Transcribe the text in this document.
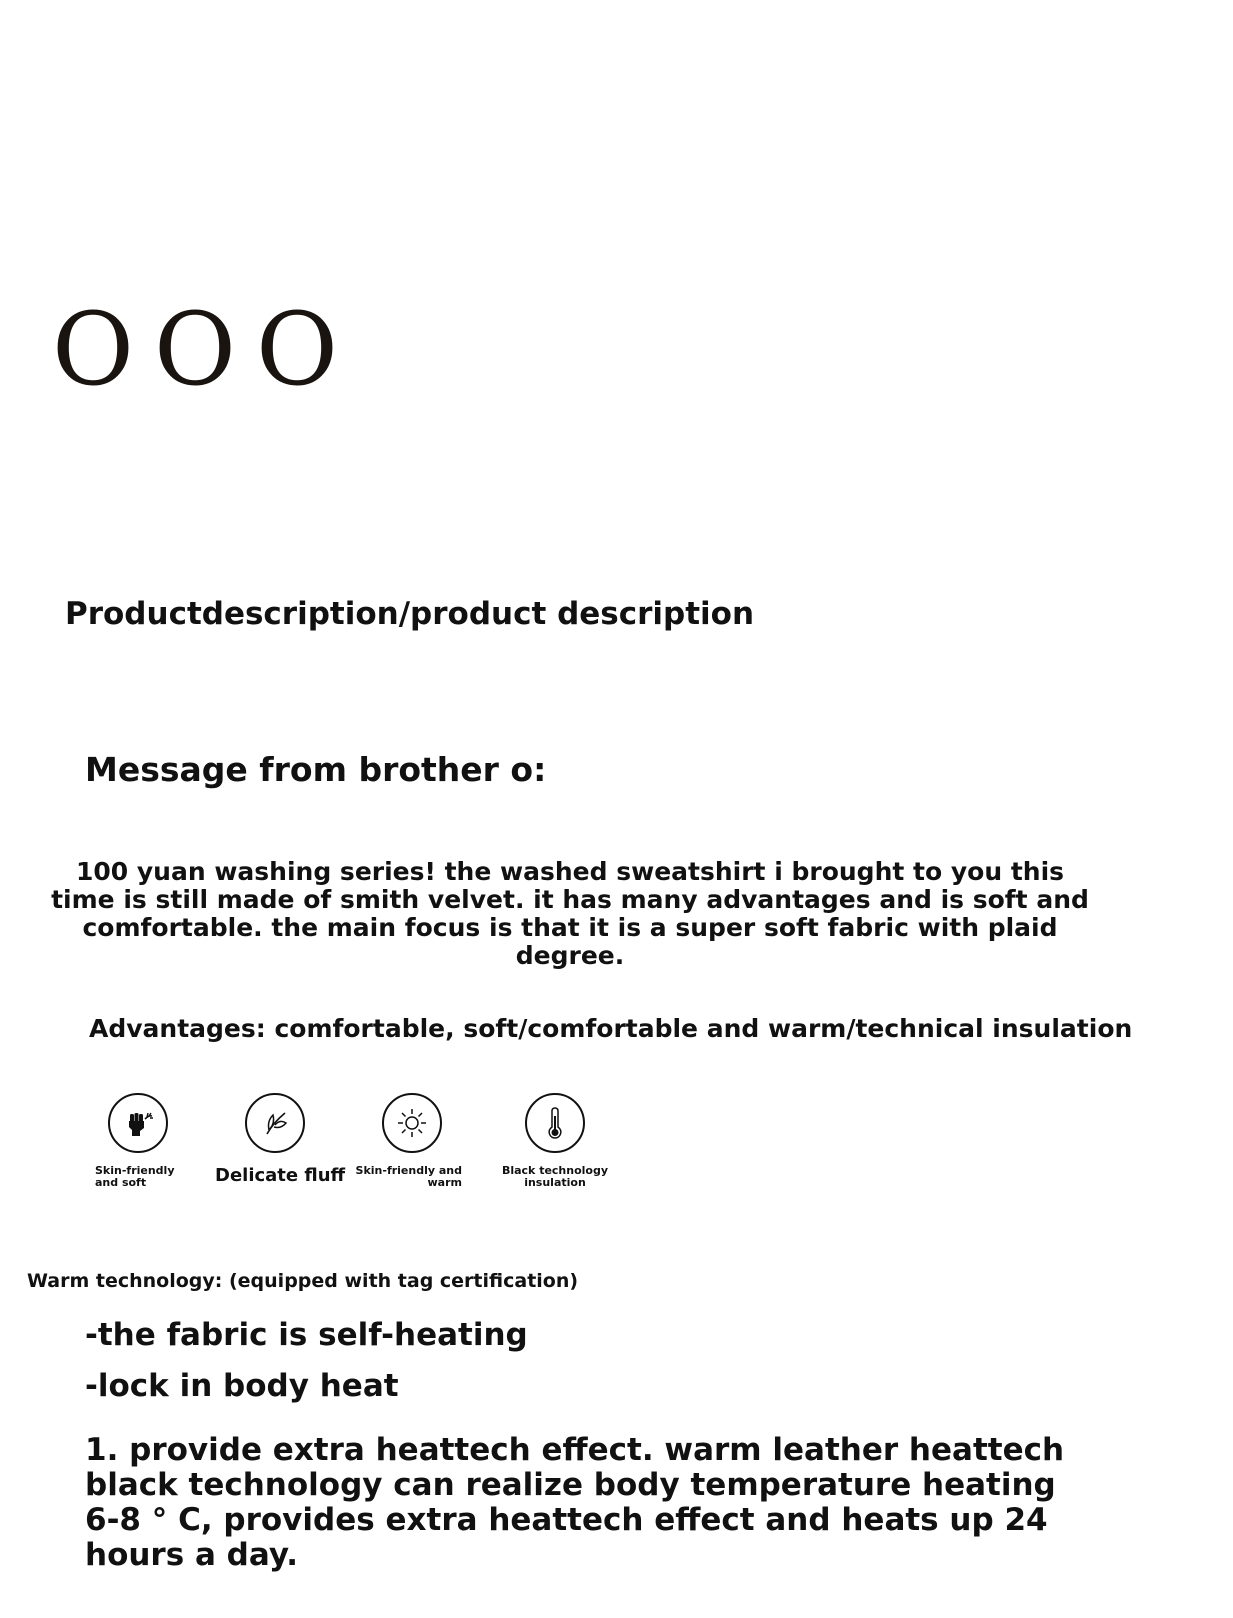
OOO
Productdescription/product description
Message from brother o:
100 yuan washing series! the washed sweatshirt i brought to you this time is still made of smith velvet. it has many advantages and is soft and comfortable. the main focus is that it is a super soft fabric with plaid degree.
Advantages: comfortable, soft/comfortable and warm/technical insulation
Skin-friendly and soft	Delicate fluff Skin-friendly and warm
Black technology insulation
Warm technology: (equipped with tag certification)
-the fabric is self-heating
-lock in body heat
1. provide extra heattech effect. warm leather heattech black technology can realize body temperature heating 6-8 ° C, provides extra heattech effect and heats up 24 hours a day.
